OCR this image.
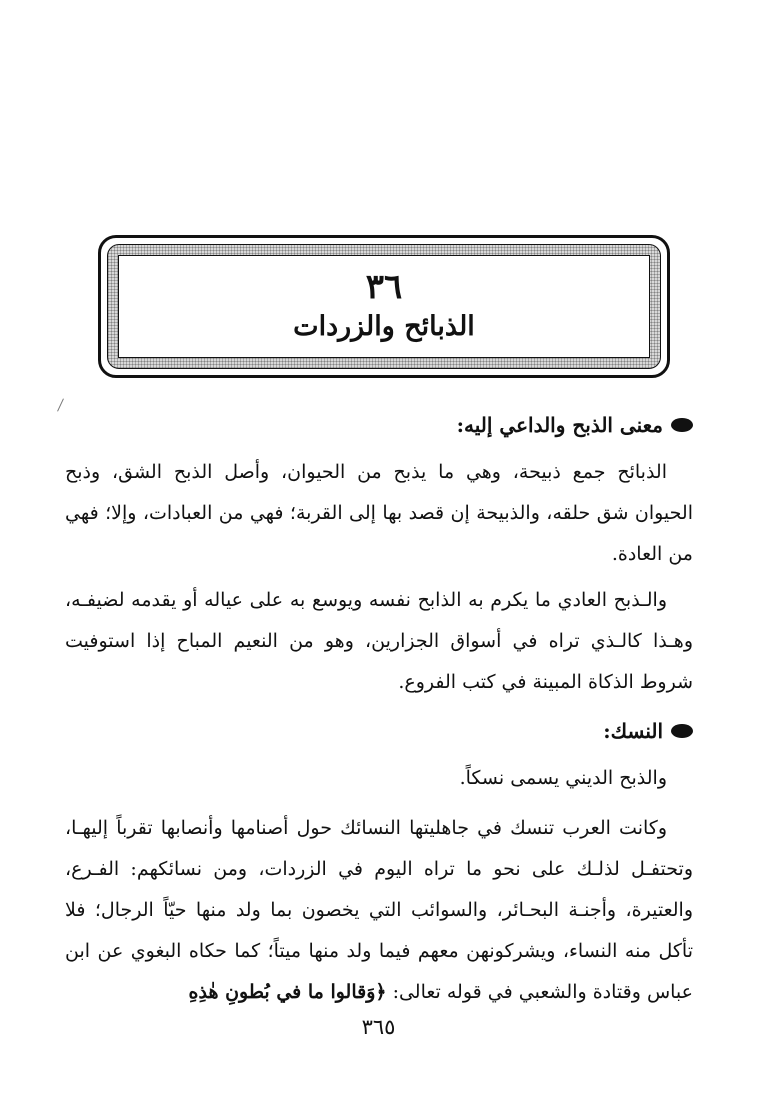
٣٦
الذبائح والزردات
معنى الذبح والداعي إليه:
الذبائح جمع ذبيحة، وهي ما يذبح من الحيوان، وأصل الذبح الشق، وذبح الحيوان شق حلقه، والذبيحة إن قصد بها إلى القربة؛ فهي من العبادات، وإلا؛ فهي من العادة.
والـذبح العادي ما يكرم به الذابح نفسه ويوسع به على عياله أو يقدمه لضيفـه، وهـذا كالـذي تراه في أسواق الجزارين، وهو من النعيم المباح إذا استوفيت شروط الذكاة المبينة في كتب الفروع.
النسك:
والذبح الديني يسمى نسكاً.
وكانت العرب تنسك في جاهليتها النسائك حول أصنامها وأنصابها تقرباً إليهـا، وتحتفـل لذلـك على نحو ما تراه اليوم في الزردات، ومن نسائكهم: الفـرع، والعتيرة، وأجنـة البحـائر، والسوائب التي يخصون بما ولد منها حيّاً الرجال؛ فلا تأكل منه النساء، ويشركونهن معهم فيما ولد منها ميتاً؛ كما حكاه البغوي عن ابن عباس وقتادة والشعبي في قوله تعالى: ﴿وَقالوا ما في بُطونِ هٰذِهِ
٣٦٥
